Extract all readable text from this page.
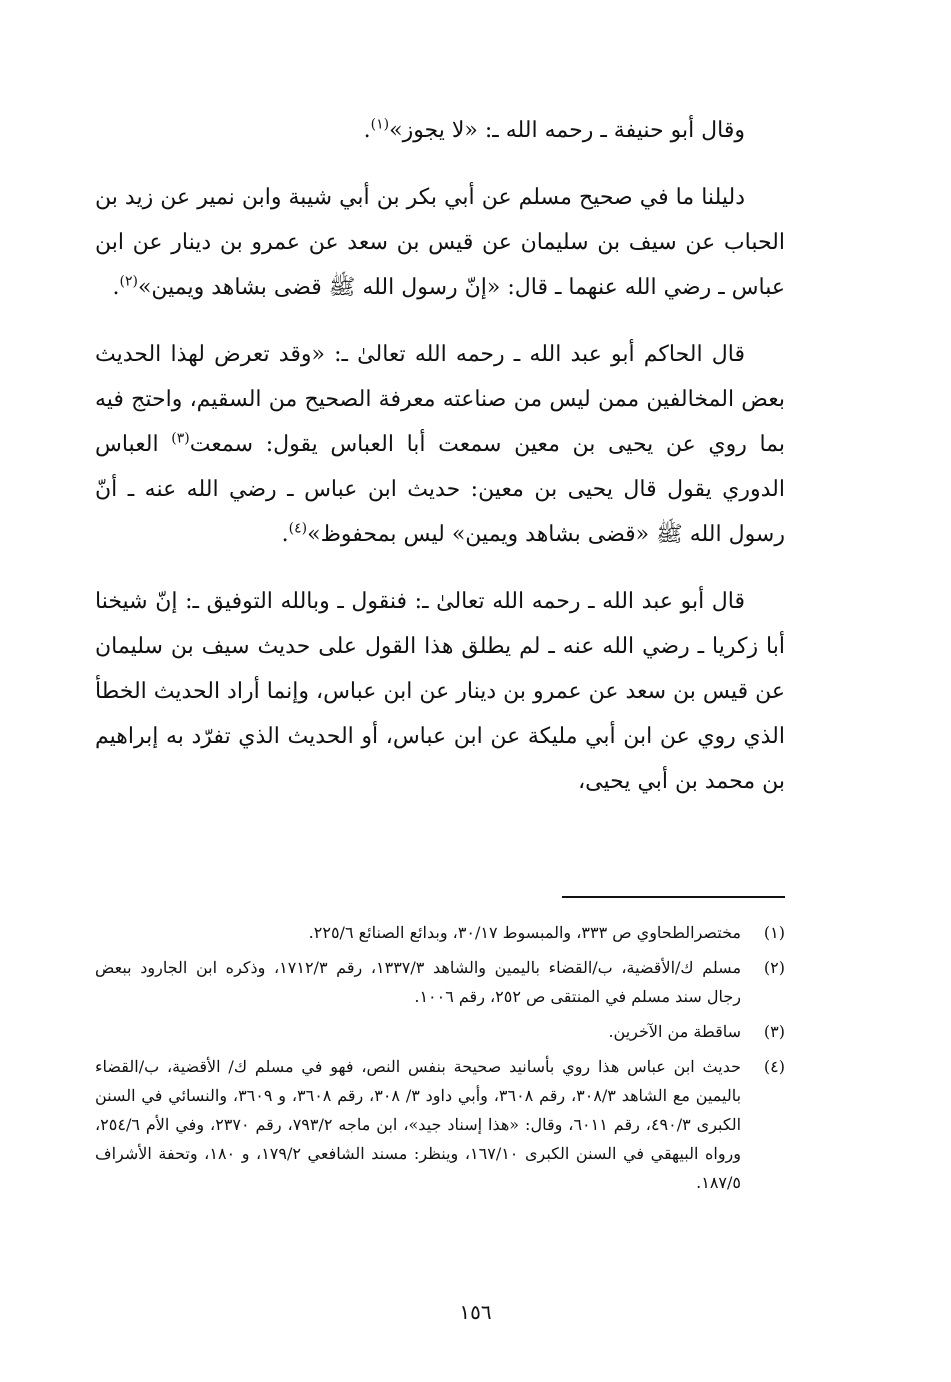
وقال أبو حنيفة ـ رحمه الله ـ: «لا يجوز»$^{(١)}$.

دليلنا ما في صحيح مسلم عن أبي بكر بن أبي شيبة وابن نمير عن زيد بن الحباب عن سيف بن سليمان عن قيس بن سعد عن عمرو بن دينار عن ابن عباس ـ رضي الله عنهما ـ قال: «إنّ رسول الله ﷺ قضى بشاهد ويمين»$^{(٢)}$.

قال الحاكم أبو عبد الله ـ رحمه الله تعالىٰ ـ: «وقد تعرض لهذا الحديث بعض المخالفين ممن ليس من صناعته معرفة الصحيح من السقيم، واحتج فيه بما روي عن يحيى بن معين سمعت أبا العباس يقول: سمعت$^{(٣)}$ العباس الدوري يقول قال يحيى بن معين: حديث ابن عباس ـ رضي الله عنه ـ أنّ رسول الله ﷺ «قضى بشاهد ويمين» ليس بمحفوظ»$^{(٤)}$.

قال أبو عبد الله ـ رحمه الله تعالىٰ ـ: فنقول ـ وبالله التوفيق ـ: إنّ شيخنا أبا زكريا ـ رضي الله عنه ـ لم يطلق هذا القول على حديث سيف بن سليمان عن قيس بن سعد عن عمرو بن دينار عن ابن عباس، وإنما أراد الحديث الخطأ الذي روي عن ابن أبي مليكة عن ابن عباس، أو الحديث الذي تفرّد به إبراهيم بن محمد بن أبي يحيى،

(١)
مختصرالطحاوي ص ٣٣٣، والمبسوط ٣٠/١٧، وبدائع الصنائع ٢٢٥/٦.
(٢)
مسلم ك/الأقضية، ب/القضاء باليمين والشاهد ١٣٣٧/٣، رقم ١٧١٢/٣، وذكره ابن الجارود ببعض رجال سند مسلم في المنتقى ص ٢٥٢، رقم ١٠٠٦.
(٣)
ساقطة من الآخرين.
(٤)
حديث ابن عباس هذا روي بأسانيد صحيحة بنفس النص، فهو في مسلم ك/ الأقضية، ب/القضاء باليمين مع الشاهد ٣٠٨/٣، رقم ٣٦٠٨، وأبي داود ٣/ ٣٠٨، رقم ٣٦٠٨، و ٣٦٠٩، والنسائي في السنن الكبرى ٤٩٠/٣، رقم ٦٠١١، وقال: «هذا إسناد جيد»، ابن ماجه ٧٩٣/٢، رقم ٢٣٧٠، وفي الأم ٢٥٤/٦، ورواه البيهقي في السنن الكبرى ١٦٧/١٠، وينظر: مسند الشافعي ١٧٩/٢، و ١٨٠، وتحفة الأشراف ١٨٧/٥.
١٥٦
